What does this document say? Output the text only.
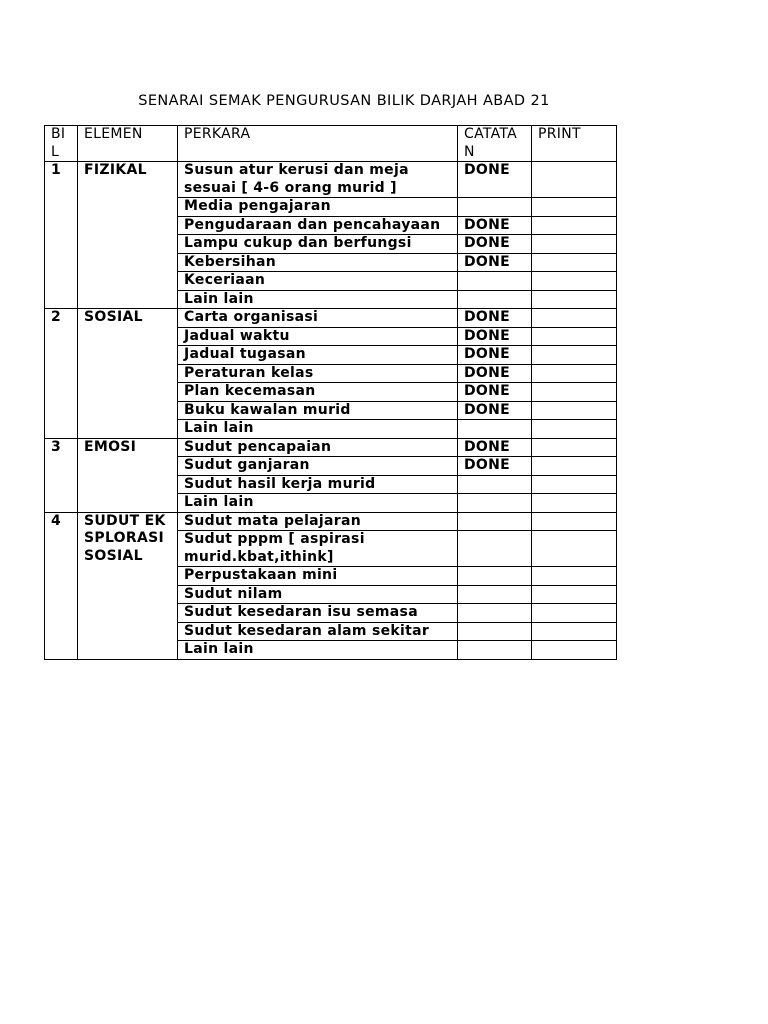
SENARAI SEMAK PENGURUSAN BILIK DARJAH ABAD 21
BIL	ELEMEN	PERKARA	CATATAN	PRINT
1	FIZIKAL	Susun atur kerusi dan meja sesuai [ 4-6 orang murid ]	DONE	
		Media pengajaran		
		Pengudaraan dan pencahayaan	DONE	
		Lampu cukup dan berfungsi	DONE	
		Kebersihan	DONE	
		Keceriaan		
		Lain lain		
2	SOSIAL	Carta organisasi	DONE	
		Jadual waktu	DONE	
		Jadual tugasan	DONE	
		Peraturan kelas	DONE	
		Plan kecemasan	DONE	
		Buku kawalan murid	DONE	
		Lain lain		
3	EMOSI	Sudut pencapaian	DONE	
		Sudut ganjaran	DONE	
		Sudut hasil kerja murid		
		Lain lain		
4	SUDUT EKSPLORASI SOSIAL	Sudut mata pelajaran		
		Sudut pppm [ aspirasi murid.kbat,ithink]		
		Perpustakaan mini		
		Sudut nilam		
		Sudut kesedaran isu semasa		
		Sudut kesedaran alam sekitar		
		Lain lain		
